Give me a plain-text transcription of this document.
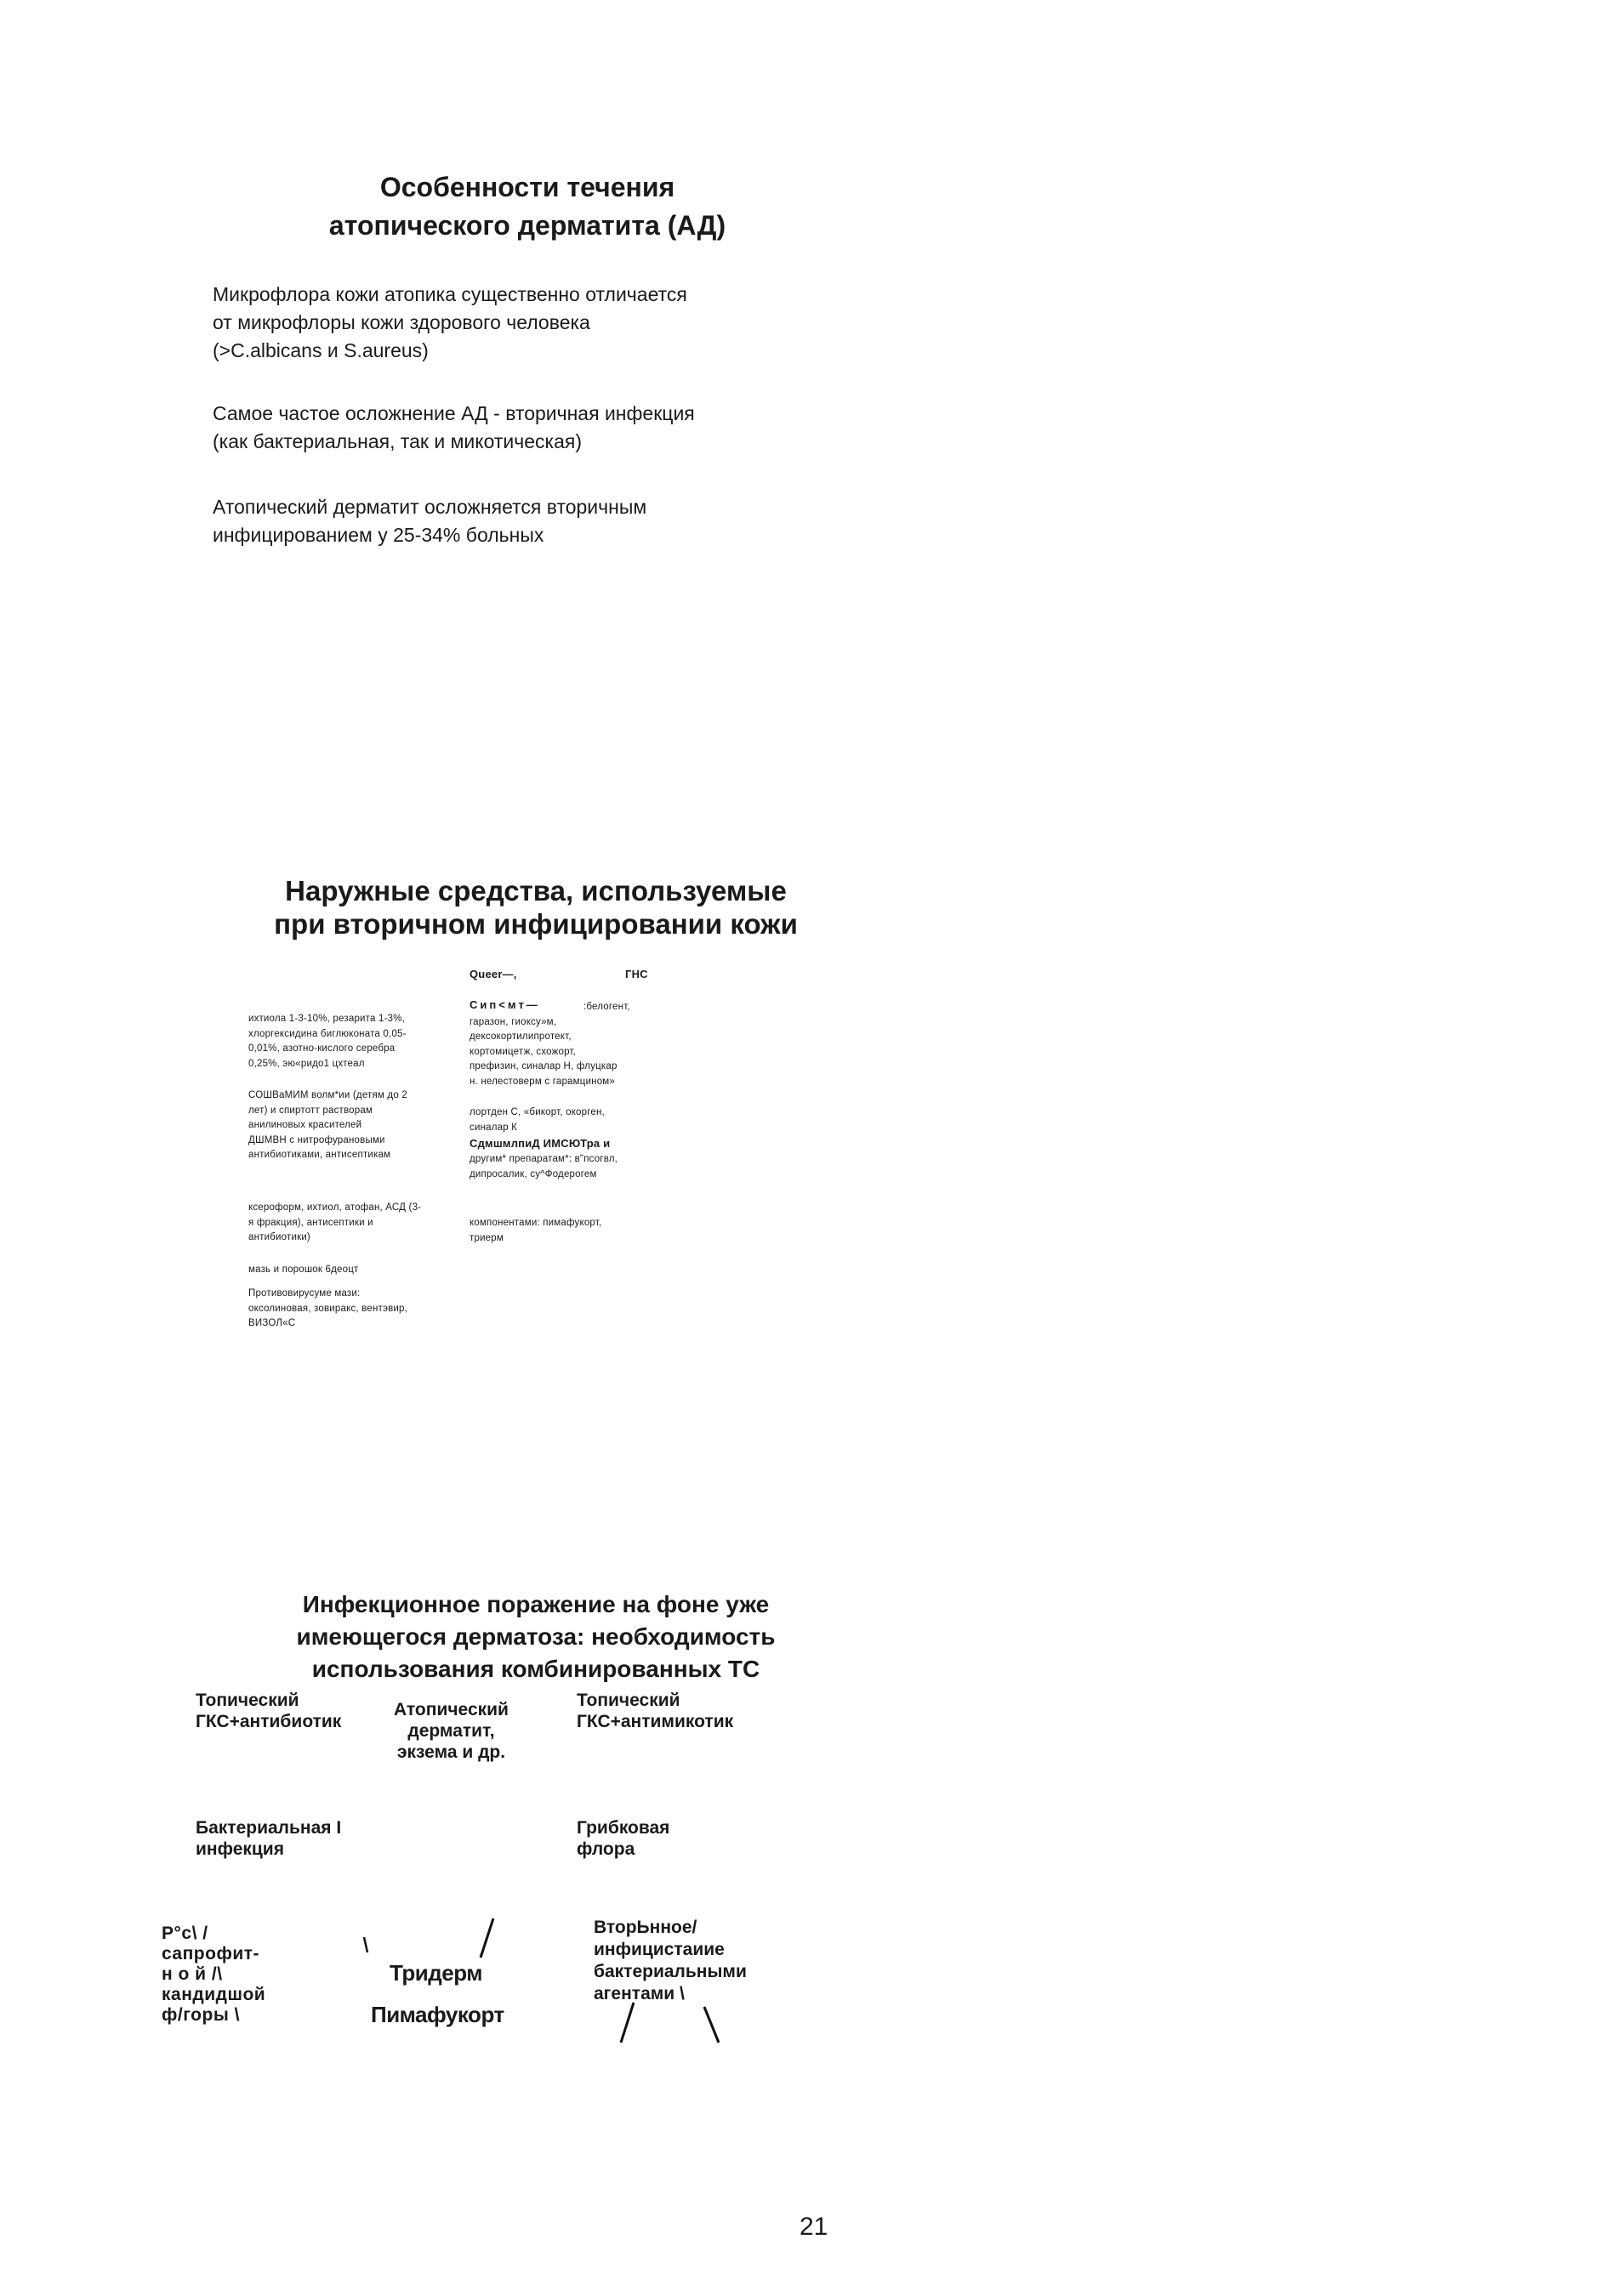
Особенности течения
атопического дерматита (АД)
Микрофлора кожи атопика существенно отличается
от микрофлоры кожи здорового человека
(>C.albicans и S.aureus)
Самое частое осложнение АД - вторичная инфекция
(как бактериальная, так и микотическая)
Атопический дерматит осложняется вторичным
инфицированием у 25-34% больных
Наружные средства, используемые
при вторичном инфицировании кожи
Queer—,	ГНС
ихтиола 1-3-10%, резарита 1-3%,
хлоргексидина биглюконата 0,05-
0,01%, азотно-кислого серебра
0,25%, эю«ридо1 цхтеал
СОШВаМИМ волм*ии (детям до 2
лет) и спиртотт растворам
анилиновых красителей
ДШМВН с нитрофурановыми
антибиотиками, антисептикам
ксероформ, ихтиол, атофан, АСД (3-
я фракция), антисептики и
антибиотики)
мазь и порошок 6деоцт
Противовирусуме мази:
оксолиновая, зовиракс, вентэвир,
ВИЗОЛ«С
Сип<мт—	:белогент,
гаразон, гиоксу»м,
дексокортилипротект,
кортомицетж, схожорт,
префизин, синалар Н, флуцкар
н. нелестоверм с гарамцином»
лортден С, «бикорт, окорген,
синалар К
СдмшмлпиД ИМСЮТра и
другим* препаратам*: в"псогвл,
дипросалик, су^Фодерогем
компонентами: пимафукорт,
триерм
Инфекционное поражение на фоне уже
имеющегося дерматоза: необходимость
использования комбинированных ТС
Топический
ГКС+антибиотик
Атопический
дерматит,
экзема и др.
Топический
ГКС+антимикотик
Бактериальная I
инфекция
Грибковая
флора
Р°с\ /
сапрофит-
н о й /\
кандидшой
ф/горы \
Тридерм
Пимафукорт
ВторЬнное/
инфицистаиие
бактериальными
агентами \
21
